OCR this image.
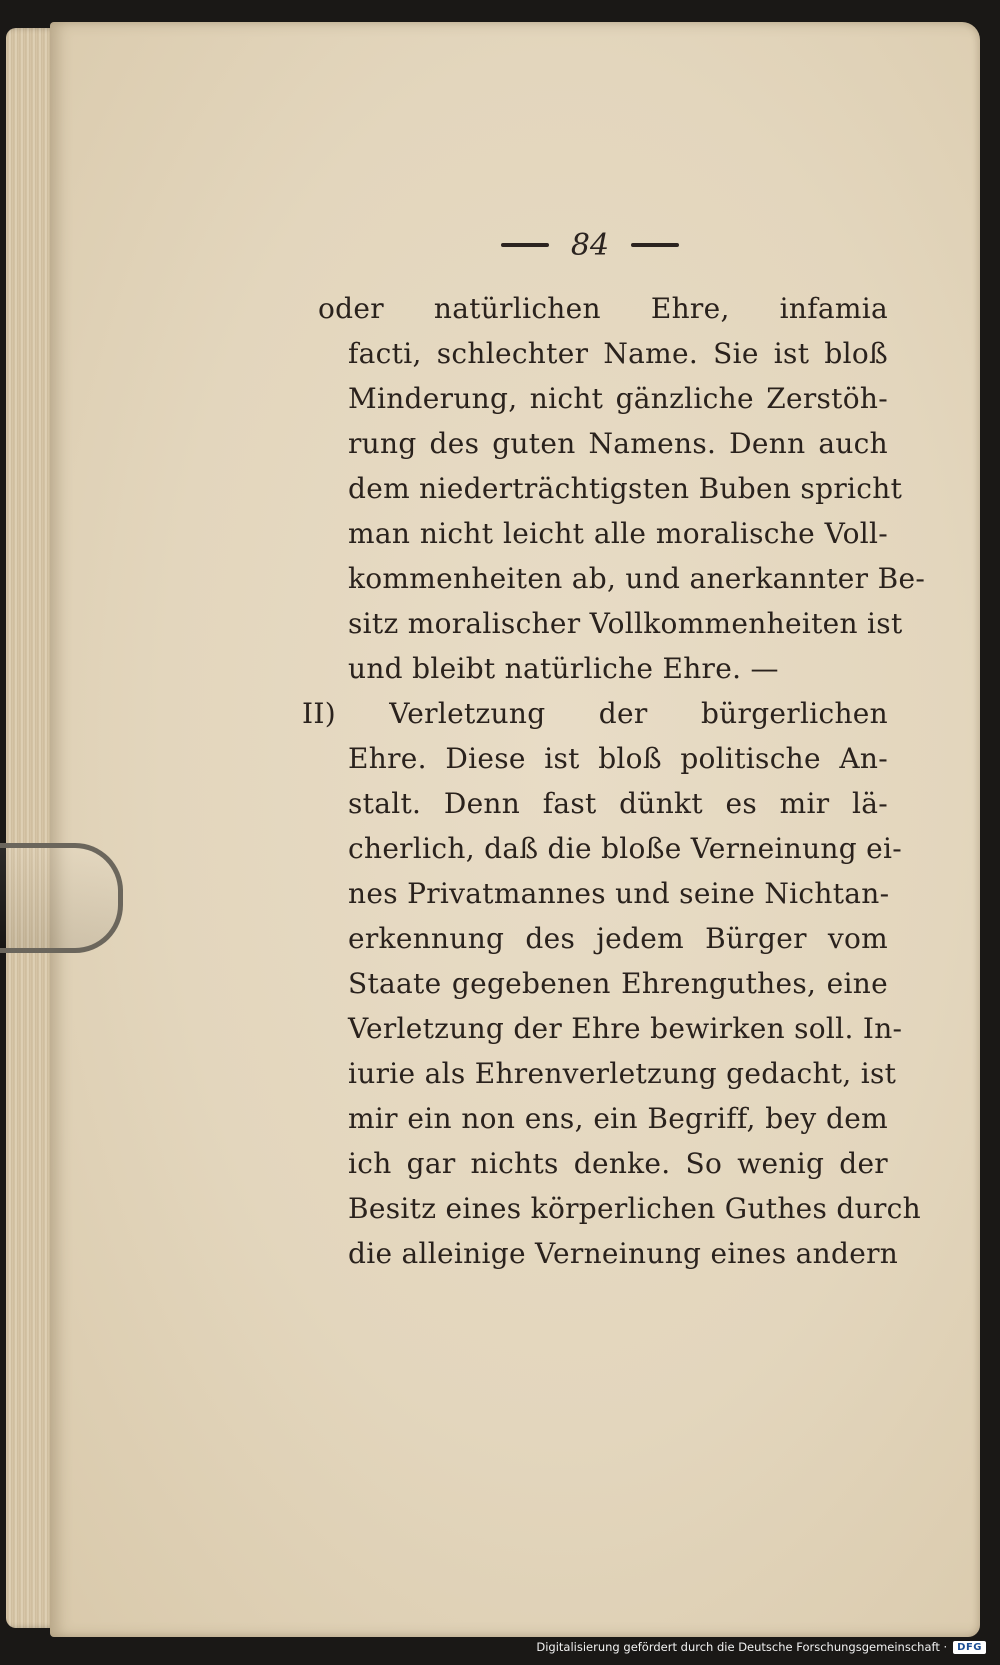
84
oder natürlichen Ehre, infamia
facti, schlechter Name. Sie ist bloß
Minderung, nicht gänzliche Zerstöh-
rung des guten Namens. Denn auch
dem niederträchtigsten Buben spricht
man nicht leicht alle moralische Voll-
kommenheiten ab, und anerkannter Be-
sitz moralischer Vollkommenheiten ist
und bleibt natürliche Ehre. —
II) Verletzung der bürgerlichen
Ehre. Diese ist bloß politische An-
stalt. Denn fast dünkt es mir lä-
cherlich, daß die bloße Verneinung ei-
nes Privatmannes und seine Nichtan-
erkennung des jedem Bürger vom
Staate gegebenen Ehrenguthes, eine
Verletzung der Ehre bewirken soll. In-
iurie als Ehrenverletzung gedacht, ist
mir ein non ens, ein Begriff, bey dem
ich gar nichts denke. So wenig der
Besitz eines körperlichen Guthes durch
die alleinige Verneinung eines andern
Digitalisierung gefördert durch die Deutsche Forschungsgemeinschaft ·	DFG
